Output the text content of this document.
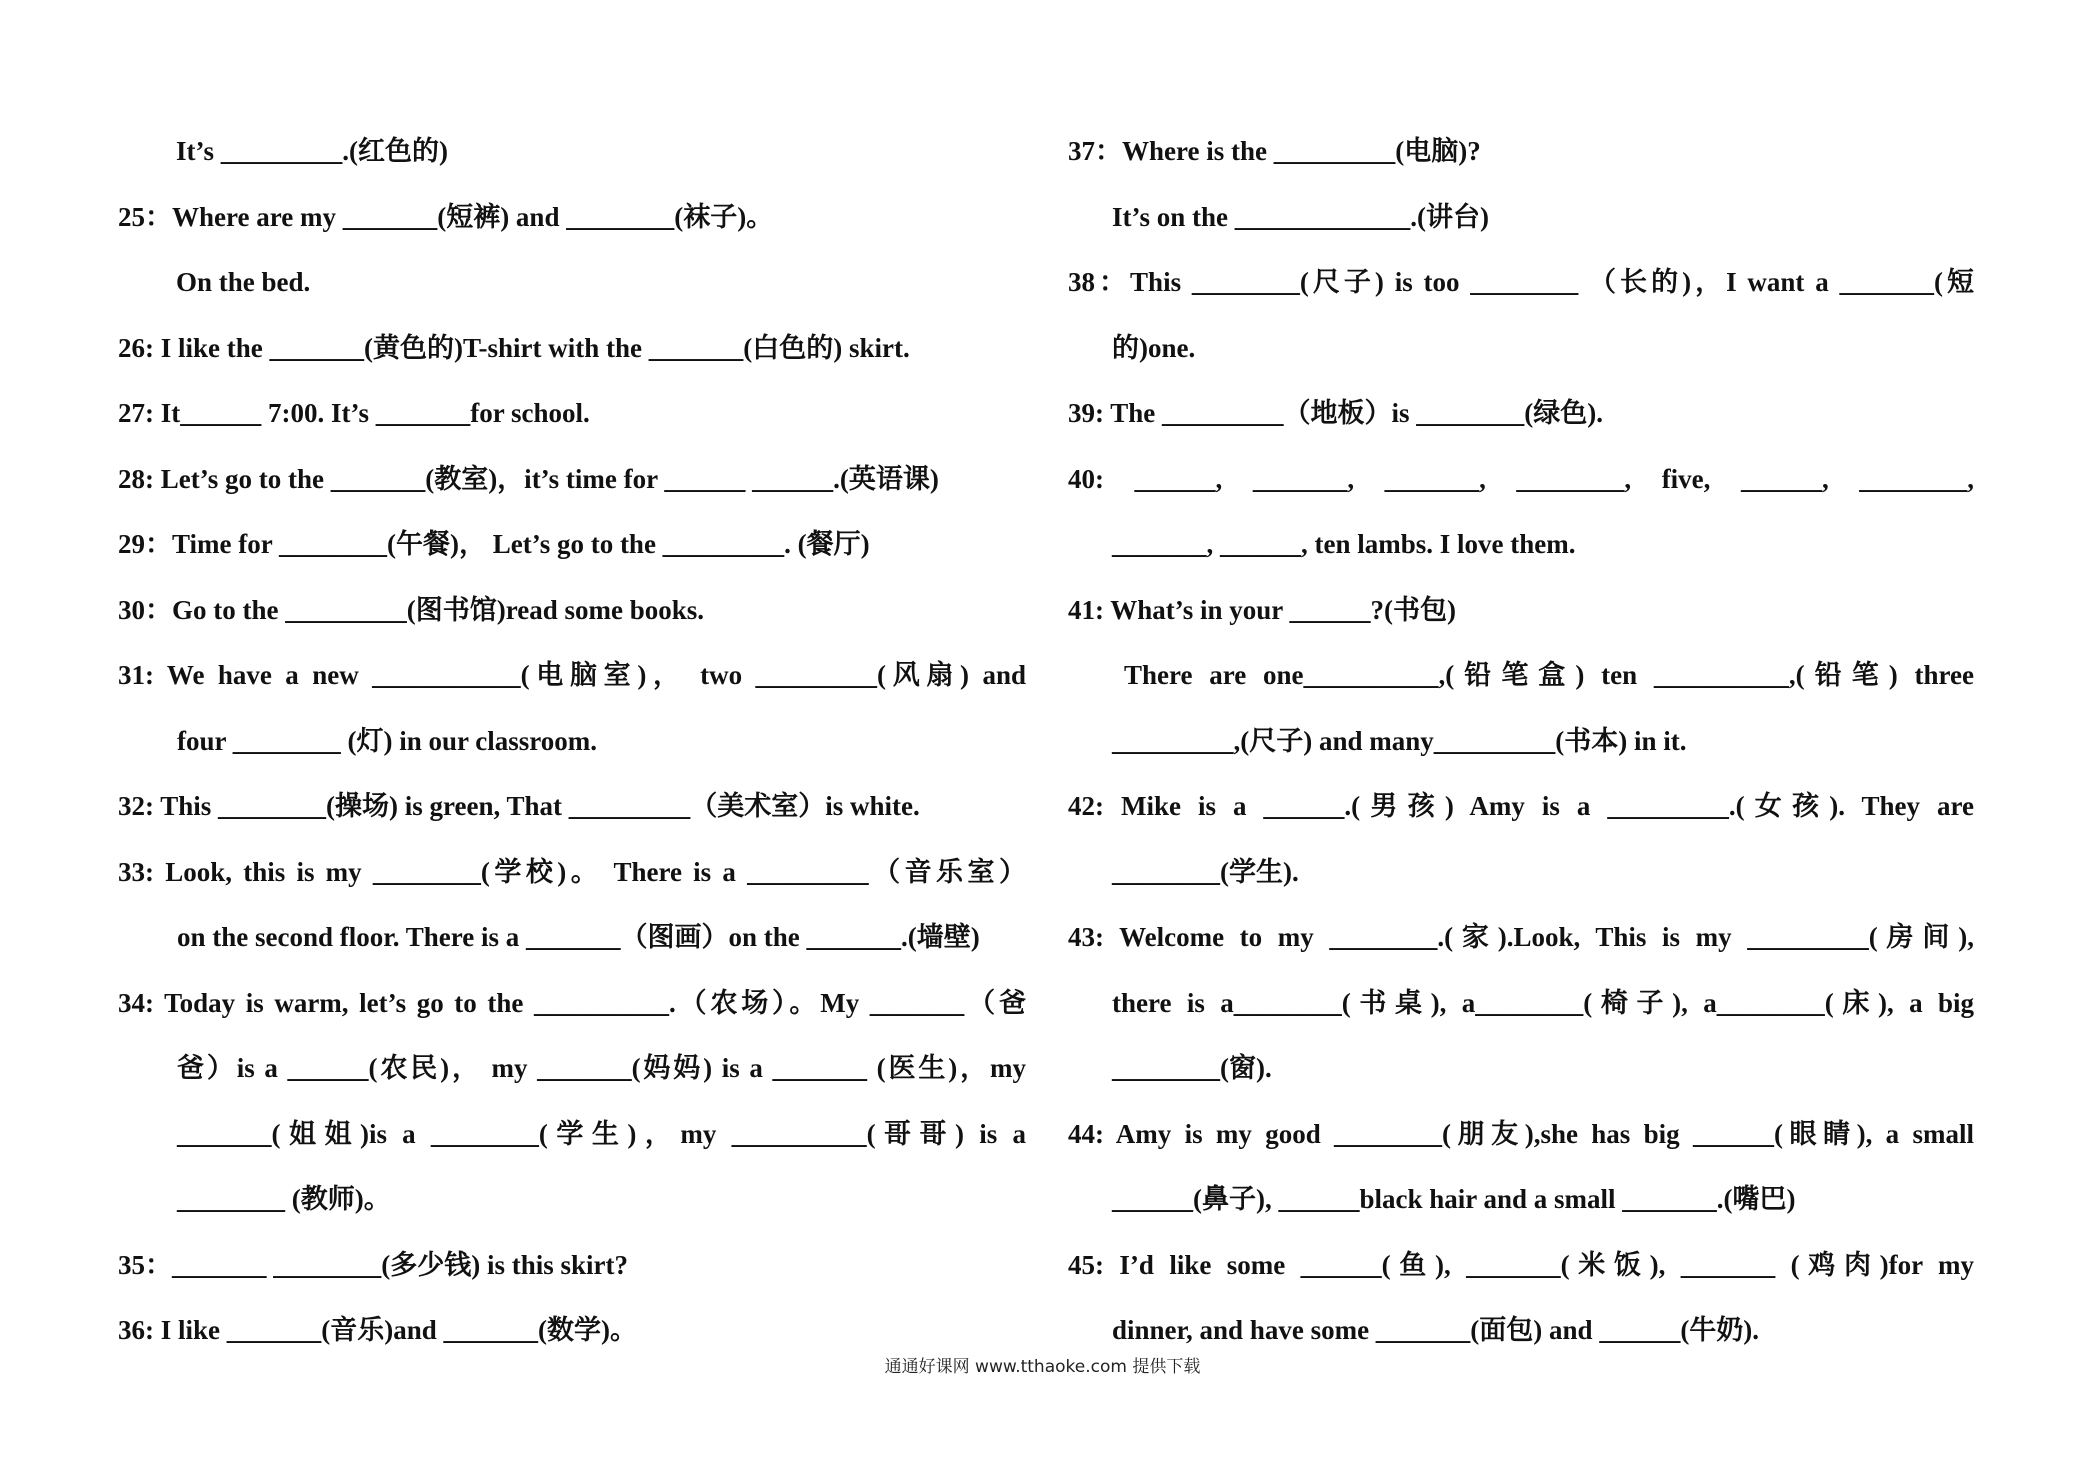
It’s _________.(红色的)
25：Where are my _______(短裤) and ________(袜子)。
On the bed.
26: I like the _______(黄色的)T-shirt with the _______(白色的) skirt.
27: It______ 7:00. It’s _______for school.
28: Let’s go to the _______(教室)，it’s time for ______ ______.(英语课)
29：Time for ________(午餐)， Let’s go to the _________. (餐厅)
30：Go to the _________(图书馆)read some books.
31: We have a new ___________(电脑室)， two _________(风扇) and
four ________ (灯) in our classroom.
32: This ________(操场) is green, That _________（美术室）is white.
33: Look, this is my ________(学校)。 There is a _________（音乐室）
on the second floor. There is a _______（图画）on the _______.(墙壁)
34: Today is warm, let’s go to the __________.（农场）。My _______（爸
爸）is a ______(农民)， my _______(妈妈) is a _______ (医生)，my
_______(姐姐)is a ________(学生)，my __________(哥哥) is a
________ (教师)。
35：_______ ________(多少钱) is this skirt?
36: I like _______(音乐)and _______(数学)。
37：Where is the _________(电脑)?
It’s on the _____________.(讲台)
38：This ________(尺子) is too ________ （长的)，I want a _______(短
的)one.
39: The _________（地板）is ________(绿色).
40: ______, _______, _______, ________, five, ______, ________,
_______, ______, ten lambs. I love them.
41: What’s in your ______?(书包)
There are one__________,(铅笔盒) ten __________,(铅笔) three
_________,(尺子) and many_________(书本) in it.
42: Mike is a ______.(男孩) Amy is a _________.(女孩). They are
________(学生).
43: Welcome to my ________.(家).Look, This is my _________(房间),
there is a________(书桌), a________(椅子), a________(床), a big
________(窗).
44: Amy is my good ________(朋友),she has big ______(眼睛), a small
______(鼻子), ______black hair and a small _______.(嘴巴)
45: I’d like some ______(鱼), _______(米饭), _______ (鸡肉)for my
dinner, and have some _______(面包) and ______(牛奶).
通通好课网 www.tthaoke.com 提供下载
